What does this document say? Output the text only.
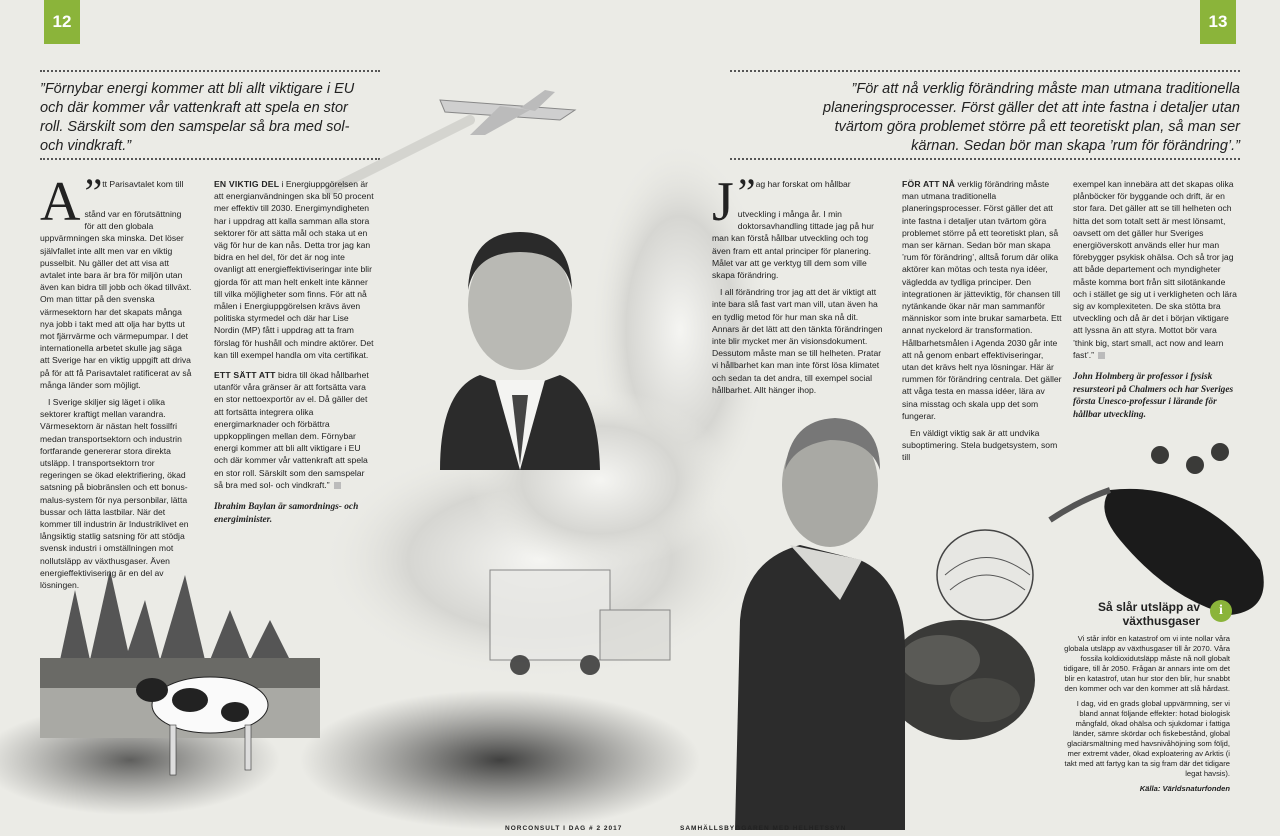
12	13
”Förnybar energi kommer att bli allt viktigare i EU och där kommer vår vattenkraft att spela en stor roll. Särskilt som den samspelar så bra med sol- och vindkraft.”
”För att nå verklig förändring måste man utmana traditionella planeringsprocesser. Först gäller det att inte fastna i detaljer utan tvärtom göra problemet större på ett teoretiskt plan, så man ser kärnan. Sedan bör man skapa ’rum för förändring’.”

”
A	tt Parisavtalet kom till stånd var en förutsättning för att den globala uppvärmningen ska minska. Det löser självfallet inte allt men var en viktig pusselbit. Nu gäller det att visa att avtalet inte bara är bra för miljön utan även kan bidra till jobb och ökad tillväxt. Om man tittar på den svenska värmesektorn har det skapats många nya jobb i takt med att olja har bytts ut mot fjärrvärme och värmepumpar. I det internationella arbetet skulle jag säga att Sverige har en viktig uppgift att driva på för att få Parisavtalet ratificerat av så många länder som möjligt.

I Sverige skiljer sig läget i olika sektorer kraftigt mellan varandra. Värmesektorn är nästan helt fossilfri medan transportsektorn och industrin fortfarande genererar stora direkta utsläpp. I transportsektorn tror regeringen se ökad elektrifiering, ökad satsning på biobränslen och ett bonus-malus-system för nya personbilar, lätta bussar och lätta lastbilar. När det kommer till industrin är Industriklivet en långsiktig statlig satsning för att stödja svensk industri i omställningen mot nollutsläpp av växthusgaser. Även energieffektivisering är en del av lösningen.

EN VIKTIG DEL i Energiuppgörelsen är att energianvändningen ska bli 50 procent mer effektiv till 2030. Energimyndigheten har i uppdrag att kalla samman alla stora sektorer för att sätta mål och staka ut en väg för hur de kan nås. Detta tror jag kan bidra en hel del, för det är nog inte ovanligt att energieffektiviseringar inte blir gjorda för att man helt enkelt inte känner till vilka möjligheter som finns. För att nå målen i Energiuppgörelsen krävs även politiska styrmedel och där har Lise Nordin (MP) fått i uppdrag att ta fram förslag för hushåll och mindre aktörer. Det kan till exempel handla om vita certifikat.

ETT SÄTT ATT bidra till ökad hållbarhet utanför våra gränser är att fortsätta vara en stor nettoexportör av el. Då gäller det att fortsätta integrera olika energimarknader och förbättra uppkopplingen mellan dem. Förnybar energi kommer att bli allt viktigare i EU och där kommer vår vattenkraft att spela en stor roll. Särskilt som den samspelar så bra med sol- och vindkraft.”

Ibrahim Baylan är samordnings- och energiminister.

”
J	ag har forskat om hållbar utveckling i många år. I min doktorsavhandling tittade jag på hur man kan förstå hållbar utveckling och tog även fram ett antal principer för planering. Målet var att ge verktyg till dem som ville skapa förändring.

I all förändring tror jag att det är viktigt att inte bara slå fast vart man vill, utan även ha en tydlig metod för hur man ska nå dit. Annars är det lätt att den tänkta förändringen inte blir mycket mer än visionsdokument. Dessutom måste man se till helheten. Pratar vi hållbarhet kan man inte först lösa klimatet och sedan ta det andra, till exempel social hållbarhet. Allt hänger ihop.

FÖR ATT NÅ verklig förändring måste man utmana traditionella planeringsprocesser. Först gäller det att inte fastna i detaljer utan tvärtom göra problemet större på ett teoretiskt plan, så man ser kärnan. Sedan bör man skapa ’rum för förändring’, alltså forum där olika aktörer kan mötas och testa nya idéer, vägledda av tydliga principer. Den integrationen är jätteviktig, för chansen till nytänkande ökar när man sammanför människor som inte brukar samarbeta. Ett annat nyckelord är transformation. Hållbarhetsmålen i Agenda 2030 går inte att nå genom enbart effektiviseringar, utan det krävs helt nya lösningar. Här är rummen för förändring centrala. Det gäller att våga testa en massa idéer, lära av sina misstag och skala upp det som fungerar.

En väldigt viktig sak är att undvika suboptimering. Stela budgetsystem, som till

exempel kan innebära att det skapas olika plånböcker för byggande och drift, är en stor fara. Det gäller att se till helheten och hitta det som totalt sett är mest lönsamt, oavsett om det gäller hur Sveriges energiöverskott används eller hur man förebygger psykisk ohälsa. Och så tror jag att både departement och myndigheter måste komma bort från sitt silotänkande och i stället ge sig ut i verkligheten och lära sig av komplexiteten. De ska stötta bra utveckling och då är det i början viktigare att lyssna än att styra. Mottot bör vara ’think big, start small, act now and learn fast’.”

John Holmberg är professor i fysisk resursteori på Chalmers och har Sveriges första Unesco-professur i lärande för hållbar utveckling.

i
Så slår utsläpp av växthusgaser

Vi står inför en katastrof om vi inte nollar våra globala utsläpp av växthusgaser till år 2070. Våra fossila koldioxidutsläpp måste nå noll globalt tidigare, till år 2050. Frågan är annars inte om det blir en katastrof, utan hur stor den blir, hur snabbt den kommer och var den kommer att slå hårdast.

I dag, vid en grads global uppvärmning, ser vi bland annat följande effekter: hotad biologisk mångfald, ökad ohälsa och sjukdomar i fattiga länder, sämre skördar och fiskebestånd, global glaciärsmältning med havsnivåhöjning som följd, mer extremt väder, ökad exploatering av Arktis (i takt med att fartyg kan ta sig fram där det tidigare legat havsis).

Källa: Världsnaturfonden

NORCONSULT I DAG # 2 2017	SAMHÄLLSBYGGAREN MED HELHETSSYN
